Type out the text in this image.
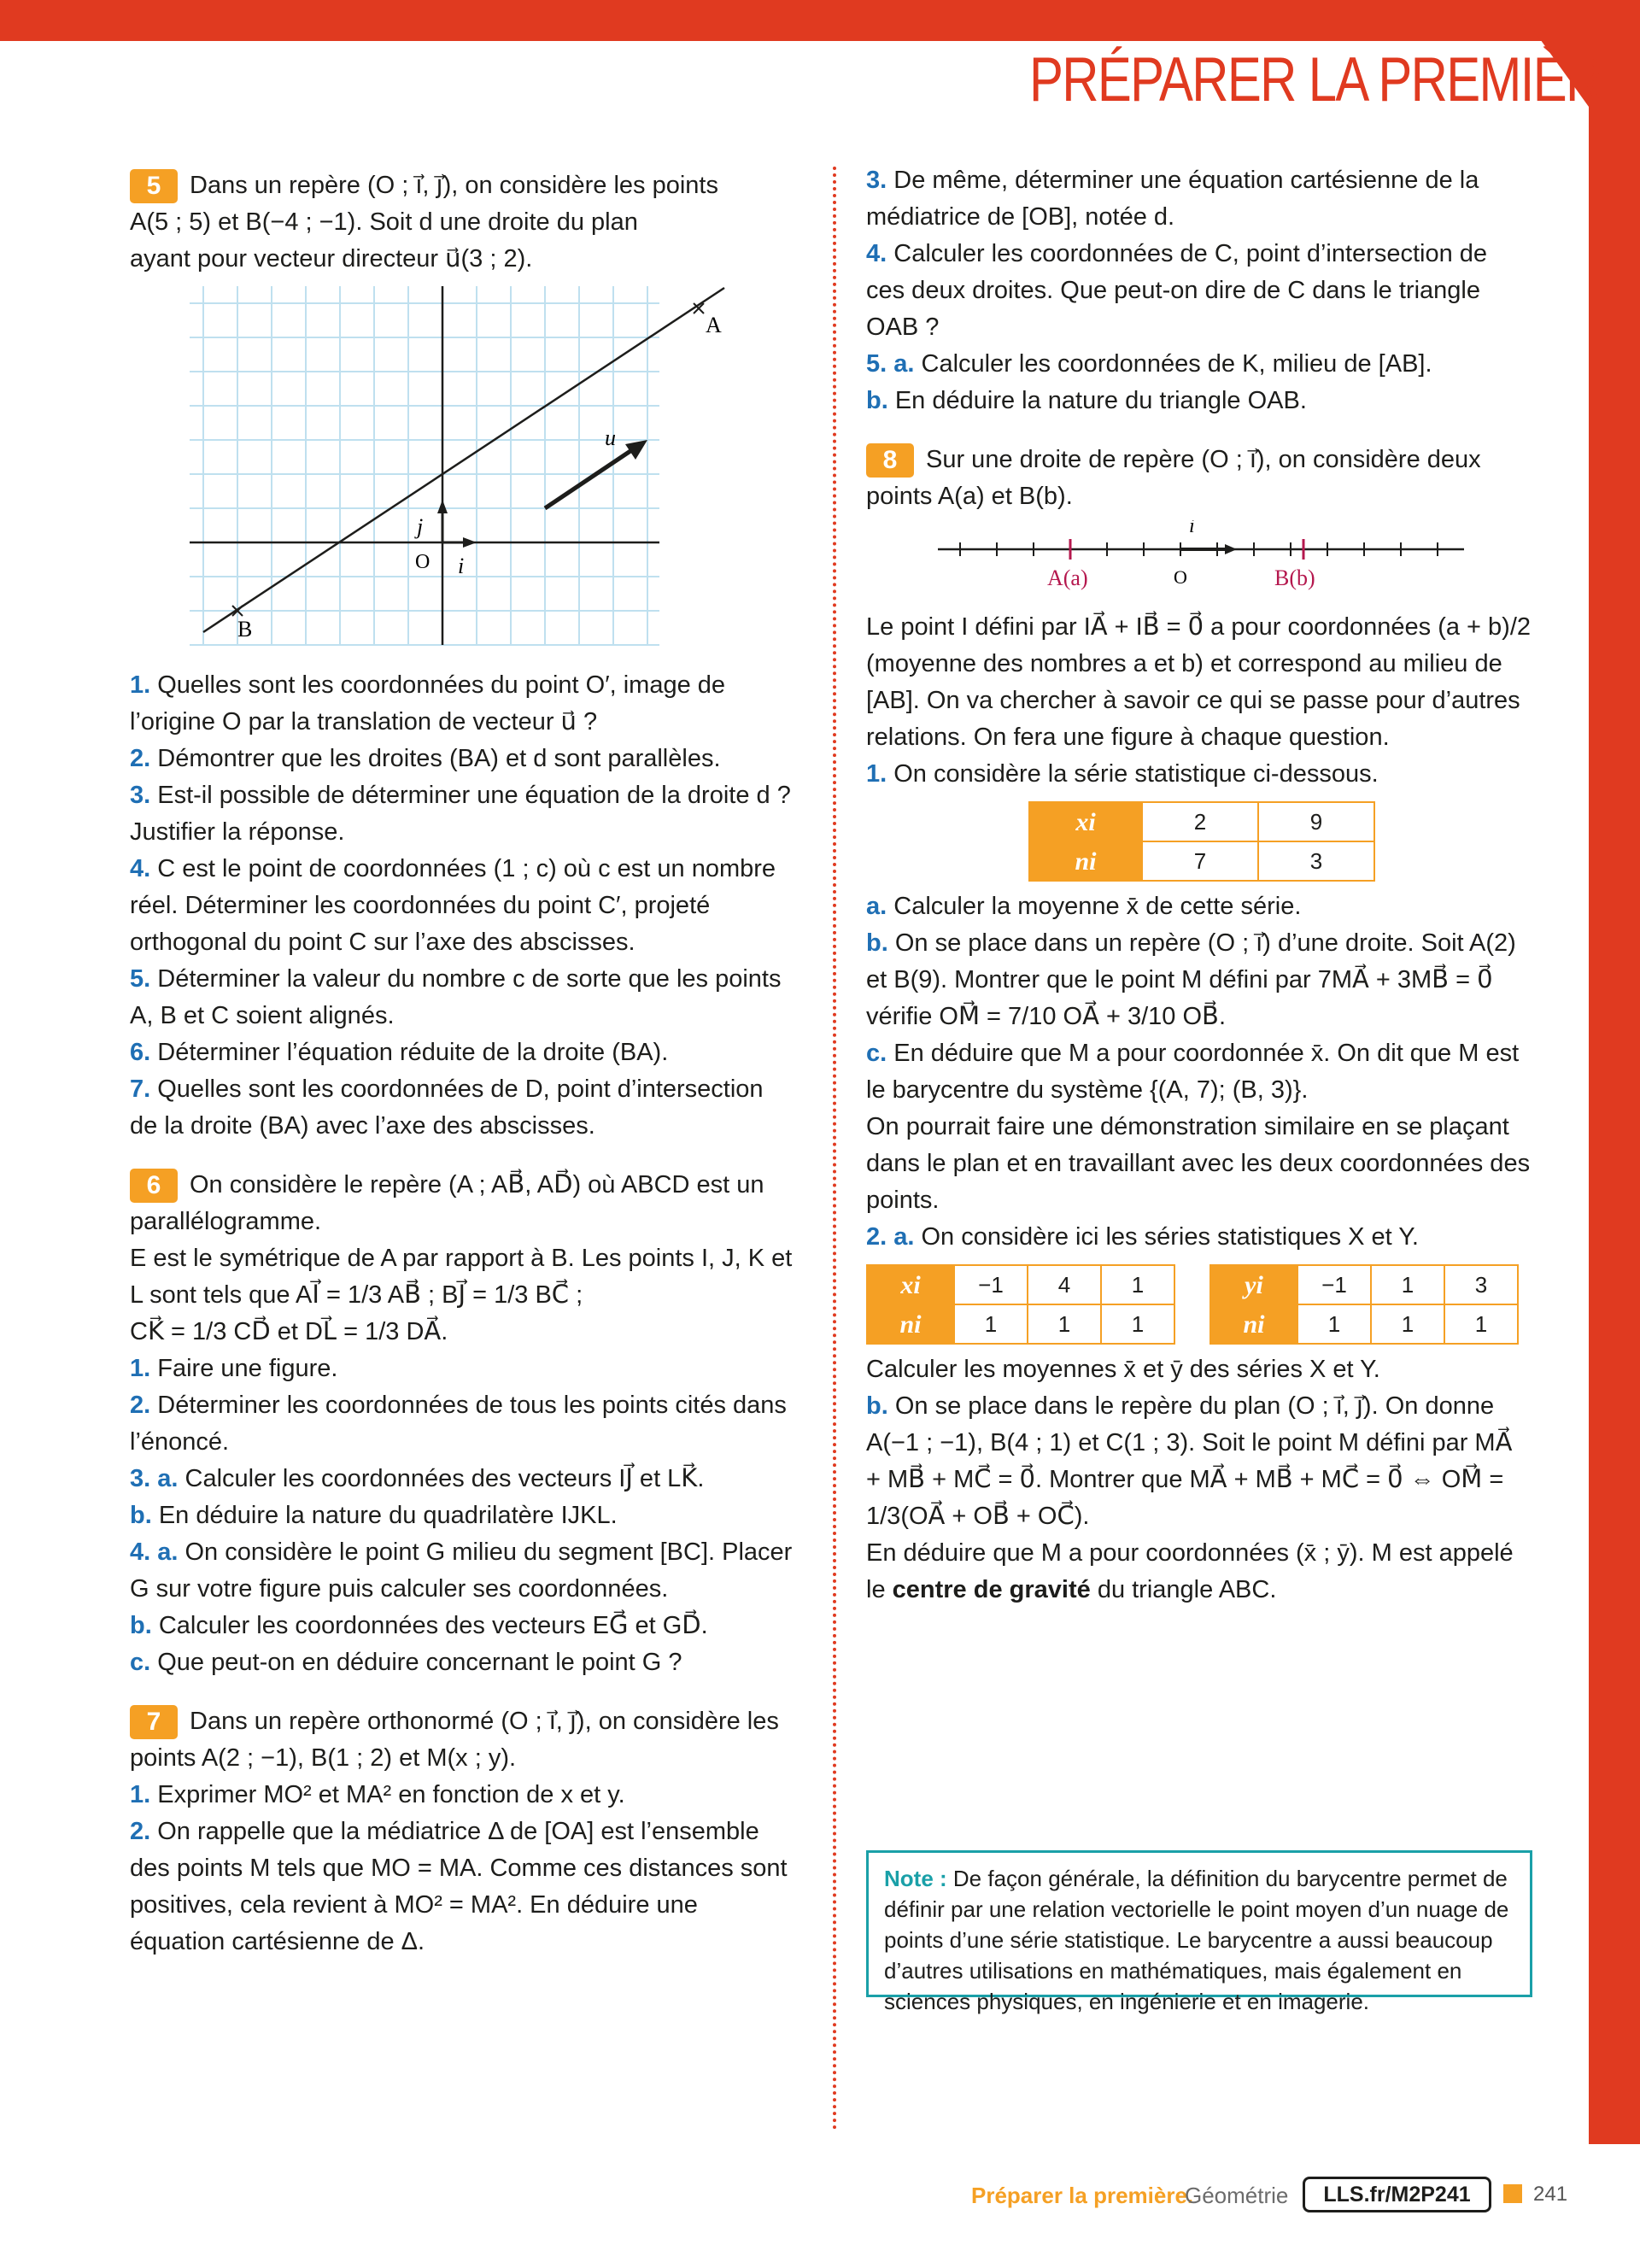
PRÉPARER LA PREMIÈRE

5 Dans un repère (O ; i⃗, j⃗), on considère les points

A(5 ; 5) et B(−4 ; −1). Soit d une droite du plan

ayant pour vecteur directeur u⃗(3 ; 2).

A
B
O i⃗
j⃗
u⃗

1. Quelles sont les coordonnées du point O′, image de l’origine O par la translation de vecteur u⃗ ?

2. Démontrer que les droites (BA) et d sont parallèles.

3. Est-il possible de déterminer une équation de la droite d ? Justifier la réponse.

4. C est le point de coordonnées (1 ; c) où c est un nombre réel. Déterminer les coordonnées du point C′, projeté orthogonal du point C sur l’axe des abscisses.

5. Déterminer la valeur du nombre c de sorte que les points A, B et C soient alignés.

6. Déterminer l’équation réduite de la droite (BA).

7. Quelles sont les coordonnées de D, point d’intersection de la droite (BA) avec l’axe des abscisses.

6 On considère le repère (A ; AB⃗, AD⃗) où ABCD est un parallélogramme.

E est le symétrique de A par rapport à B. Les points I, J, K et L sont tels que AI⃗ = 1/3 AB⃗ ; BJ⃗ = 1/3 BC⃗ ;

CK⃗ = 1/3 CD⃗ et DL⃗ = 1/3 DA⃗.

1. Faire une figure.

2. Déterminer les coordonnées de tous les points cités dans l’énoncé.

3. a. Calculer les coordonnées des vecteurs IJ⃗ et LK⃗.

b. En déduire la nature du quadrilatère IJKL.

4. a. On considère le point G milieu du segment [BC]. Placer G sur votre figure puis calculer ses coordonnées.

b. Calculer les coordonnées des vecteurs EG⃗ et GD⃗.

c. Que peut-on en déduire concernant le point G ?

7 Dans un repère orthonormé (O ; i⃗, j⃗), on considère les points A(2 ; −1), B(1 ; 2) et M(x ; y).

1. Exprimer MO² et MA² en fonction de x et y.

2. On rappelle que la médiatrice Δ de [OA] est l’ensemble des points M tels que MO = MA. Comme ces distances sont positives, cela revient à MO² = MA². En déduire une équation cartésienne de Δ.

3. De même, déterminer une équation cartésienne de la médiatrice de [OB], notée d.

4. Calculer les coordonnées de C, point d’intersection de ces deux droites. Que peut-on dire de C dans le triangle OAB ?

5. a. Calculer les coordonnées de K, milieu de [AB].

b. En déduire la nature du triangle OAB.

8 Sur une droite de repère (O ; i⃗), on considère deux points A(a) et B(b).

A(a)	O	B(b)
i⃗

Le point I défini par IA⃗ + IB⃗ = 0⃗ a pour coordonnées (a + b)/2 (moyenne des nombres a et b) et correspond au milieu de [AB]. On va chercher à savoir ce qui se passe pour d’autres relations. On fera une figure à chaque question.

1. On considère la série statistique ci-dessous.

xi	2	9
ni	7	3

a. Calculer la moyenne x̄ de cette série.

b. On se place dans un repère (O ; i⃗) d’une droite. Soit A(2) et B(9). Montrer que le point M défini par 7MA⃗ + 3MB⃗ = 0⃗ vérifie OM⃗ = 7/10 OA⃗ + 3/10 OB⃗.

c. En déduire que M a pour coordonnée x̄. On dit que M est le barycentre du système {(A, 7); (B, 3)}.

On pourrait faire une démonstration similaire en se plaçant dans le plan et en travaillant avec les deux coordonnées des points.

2. a. On considère ici les séries statistiques X et Y.

xi	−1	4	1
ni	1	1	1
yi	−1	1	3
ni	1	1	1

Calculer les moyennes x̄ et ȳ des séries X et Y.

b. On se place dans le repère du plan (O ; i⃗, j⃗). On donne A(−1 ; −1), B(4 ; 1) et C(1 ; 3). Soit le point M défini par MA⃗ + MB⃗ + MC⃗ = 0⃗. Montrer que MA⃗ + MB⃗ + MC⃗ = 0⃗ ⇔ OM⃗ = 1/3(OA⃗ + OB⃗ + OC⃗).

En déduire que M a pour coordonnées (x̄ ; ȳ). M est appelé le centre de gravité du triangle ABC.

Note : De façon générale, la définition du barycentre permet de définir par une relation vectorielle le point moyen d’un nuage de points d’une série statistique. Le barycentre a aussi beaucoup d’autres utilisations en mathématiques, mais également en sciences physiques, en ingénierie et en imagerie.
Préparer la première.
Géométrie	LLS.fr/M2P241	241
